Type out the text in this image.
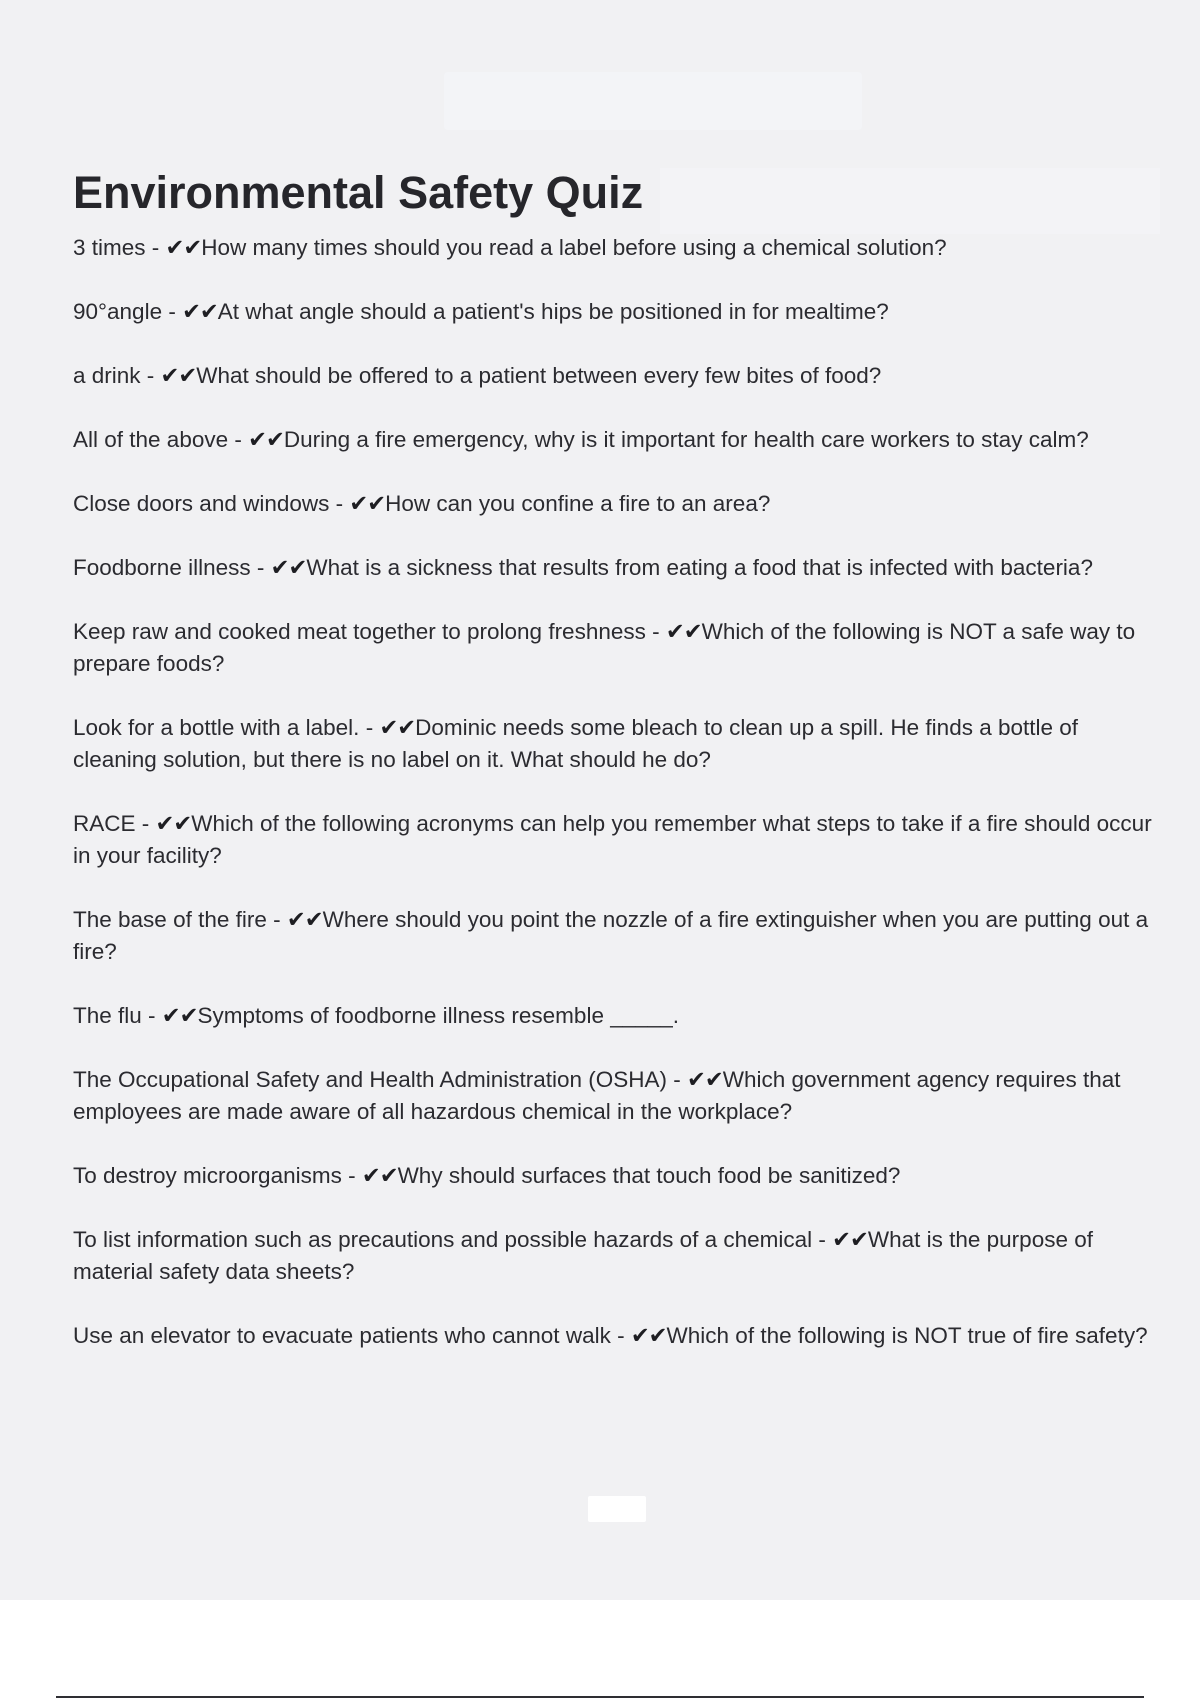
Environmental Safety Quiz
3 times - ✔✔How many times should you read a label before using a chemical solution?
90°angle - ✔✔At what angle should a patient's hips be positioned in for mealtime?
a drink - ✔✔What should be offered to a patient between every few bites of food?
All of the above - ✔✔During a fire emergency, why is it important for health care workers to stay calm?
Close doors and windows - ✔✔How can you confine a fire to an area?
Foodborne illness - ✔✔What is a sickness that results from eating a food that is infected with bacteria?
Keep raw and cooked meat together to prolong freshness - ✔✔Which of the following is NOT a safe way to prepare foods?
Look for a bottle with a label. - ✔✔Dominic needs some bleach to clean up a spill. He finds a bottle of cleaning solution, but there is no label on it. What should he do?
RACE - ✔✔Which of the following acronyms can help you remember what steps to take if a fire should occur in your facility?
The base of the fire - ✔✔Where should you point the nozzle of a fire extinguisher when you are putting out a fire?
The flu - ✔✔Symptoms of foodborne illness resemble _____.
The Occupational Safety and Health Administration (OSHA) - ✔✔Which government agency requires that employees are made aware of all hazardous chemical in the workplace?
To destroy microorganisms - ✔✔Why should surfaces that touch food be sanitized?
To list information such as precautions and possible hazards of a chemical - ✔✔What is the purpose of material safety data sheets?
Use an elevator to evacuate patients who cannot walk - ✔✔Which of the following is NOT true of fire safety?
